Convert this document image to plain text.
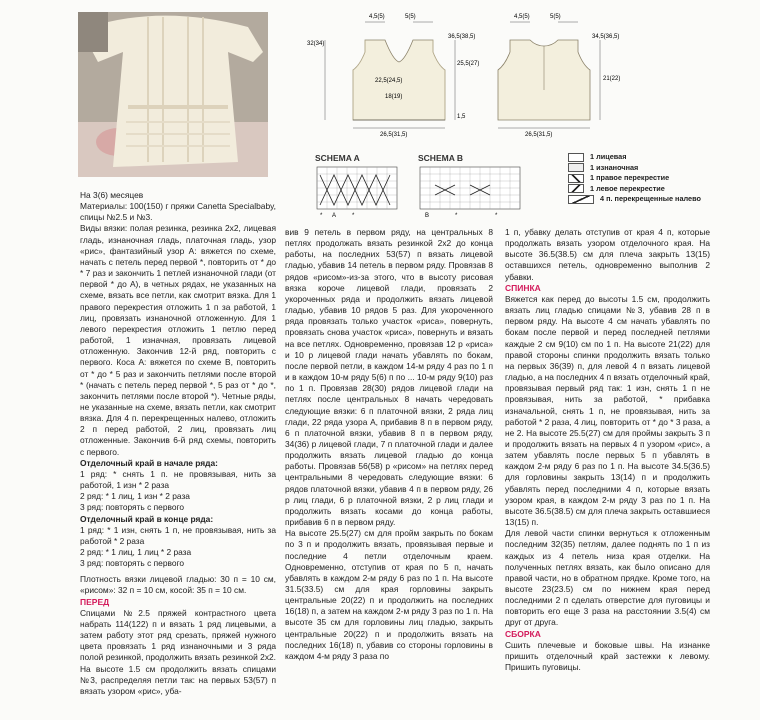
26,5(31,5)
32(34)
36,5(38,5)
25,5(27)
22,5(24,5)
18(19)
1,5
4,5(5)	5(5)
26,5(31,5)
34,5(36,5)
21(22)
4,5(5)	5(5)
SCHEMA A	SCHEMA B
* А	*	В	*	*
1 лицевая
1 изнаночная
1 правое перекрестие
1 левое перекрестие
4 п. перекрещенные налево

На 3(6) месяцев

Материалы: 100(150) г пряжи Canetta Specialbaby, спицы №2.5 и №3.

Виды вязки: полая резинка, резинка 2x2, лицевая гладь, изнаночная гладь, платочная гладь, узор «рис», фантазийный узор А: вяжется по схеме, начать с петель перед первой *, повторить от * до * 7 раз и закончить 1 петлей изнаночной глади (от первой * до А), в четных рядах, не указанных на схеме, вязать все петли, как смотрит вязка. Для 1 правого перекрестия отложить 1 п за работой, 1 лиц, провязать изнаночной отложенную. Для 1 левого перекрестия отложить 1 петлю перед работой, 1 изначная, провязать лицевой отложенную. Закончив 12-й ряд, повторить с первого. Коса А: вяжется по схеме В, повторить от * до * 5 раз и закончить петлями после второй * (начать с петель перед первой *, 5 раз от * до *, закончить петлями после второй *). Четные ряды, не указанные на схеме, вязать петли, как смотрит вязка. Для 4 п. перекрещенных налево, отложить 2 п перед работой, 2 лиц, провязать лиц отложенные. Закончив 6-й ряд схемы, повторить с первого.

Отделочный край в начале ряда:

1 ряд: * снять 1 п. не провязывая, нить за работой, 1 изн * 2 раза

2 ряд: * 1 лиц, 1 изн * 2 раза

3 ряд: повторять с первого

Отделочный край в конце ряда:

1 ряд: * 1 изн, снять 1 п, не провязывая, нить за работой * 2 раза

2 ряд: * 1 лиц, 1 лиц * 2 раза

3 ряд: повторять с первого

Плотность вязки лицевой гладью: 30 п = 10 см, «рисом»: 32 п = 10 см, косой: 35 п = 10 см.

ПЕРЕД

Спицами №2.5 пряжей контрастного цвета набрать 114(122) п и вязать 1 ряд лицевыми, а затем работу этот ряд срезать, пряжей нужного цвета провязать 1 ряд изнаночными и 3 ряда полой резинкой, продолжить вязать резинкой 2x2. На высоте 1.5 см продолжить вязать спицами №3, распределяя петли так: на первых 53(57) п вязать узором «рис», уба-

вив 9 петель в первом ряду, на центральных 8 петлях продолжать вязать резинкой 2x2 до конца работы, на последних 53(57) п вязать лицевой гладью, убавив 14 петель в первом ряду. Провязав 8 рядов «рисом»-из-за этого, что в высоту рисовая вязка короче лицевой глади, провязать 2 укороченных ряда и продолжить вязать лицевой гладью, убавив 10 рядов 5 раз. Для укороченного ряда провязать только участок «риса», повернуть, провязать снова участок «риса», повернуть и вязать на все петлях. Одновременно, провязав 12 р «риса» и 10 р лицевой глади начать убавлять по бокам, после первой петли, в каждом 14-м ряду 4 раз по 1 п и в каждом 10-м ряду 5(6) п по ... 10-м ряду 9(10) раз по 1 п. Провязав 28(30) рядов лицевой глади на петлях после центральных 8 начать чередовать следующие вязки: 6 п платочной вязки, 2 ряда лиц глади, 22 ряда узора А, прибавив 8 п в первом ряду, 6 п платочной вязки, убавив 8 п в первом ряду, 34(36) р лицевой глади, 7 п платочной глади и далее продолжить вязать лицевой гладью до конца работы. Провязав 56(58) р «рисом» на петлях перед центральными 8 чередовать следующие вязки: 6 рядов платочной вязки, убавив 4 п в первом ряду, 26 р лиц глади, 6 р платочной вязки, 2 р лиц глади и продолжить вязать косами до конца работы, прибавив 6 п в первом ряду.

На высоте 25.5(27) см для пройм закрыть по бокам по 3 п и продолжить вязать, провязывая первые и последние 4 петли отделочным краем. Одновременно, отступив от края по 5 п, начать убавлять в каждом 2-м ряду 6 раз по 1 п. На высоте 31.5(33.5) см для края горловины закрыть центральные 20(22) п и продолжить на последних 16(18) п, а затем на каждом 2-м ряду 3 раз по 1 п. На высоте 35 см для горловины лиц гладью, закрыть центральные 20(22) п и продолжить вязать на последних 16(18) п, убавив со стороны горловины в каждом 4-м ряду 3 раза по

1 п, убавку делать отступив от края 4 п, которые продолжать вязать узором отделочного края. На высоте 36.5(38.5) см для плеча закрыть 13(15) оставшихся петель, одновременно выполнив 2 убавки.

СПИНКА

Вяжется как перед до высоты 1.5 см, продолжить вязать лиц гладью спицами №3, убавив 28 п в первом ряду. На высоте 4 см начать убавлять по бокам после первой и перед последней петлями каждые 2 см 9(10) см по 1 п. На высоте 21(22) для правой стороны спинки продолжить вязать только на первых 36(39) п, для левой 4 п вязать лицевой гладью, а на последних 4 п вязать отделочный край, провязывая первый ряд так: 1 изн, снять 1 п не провязывая, нить за работой, * прибавка изначальной, снять 1 п, не провязывая, нить за работой * 2 раза, 4 лиц, повторить от * до * 3 раза, а не 2. На высоте 25.5(27) см для проймы закрыть 3 п и продолжить вязать на первых 4 п узором «рис», а затем убавлять после первых 5 п убавлять в каждом 2-м ряду 6 раз по 1 п. На высоте 34.5(36.5) для горловины закрыть 13(14) п и продолжить убавлять перед последними 4 п, которые вязать узором края, в каждом 2-м ряду 3 раз по 1 п. На высоте 36.5(38.5) см для плеча закрыть оставшиеся 13(15) п.

Для левой части спинки вернуться к отложенным последним 32(35) петлям, далее поднять по 1 п из каждых из 4 петель низа края отделки. На полученных петлях вязать, как было описано для правой части, но в обратном прядке. Кроме того, на высоте 23(23.5) см по нижнем края перед последними 2 п сделать отверстие для пуговицы и повторить его еще 3 раза на расстоянии 3.5(4) см друг от друга.

СБОРКА

Сшить плечевые и боковые швы. На изнанке пришить отделочный край застежки к левому. Пришить пуговицы.
